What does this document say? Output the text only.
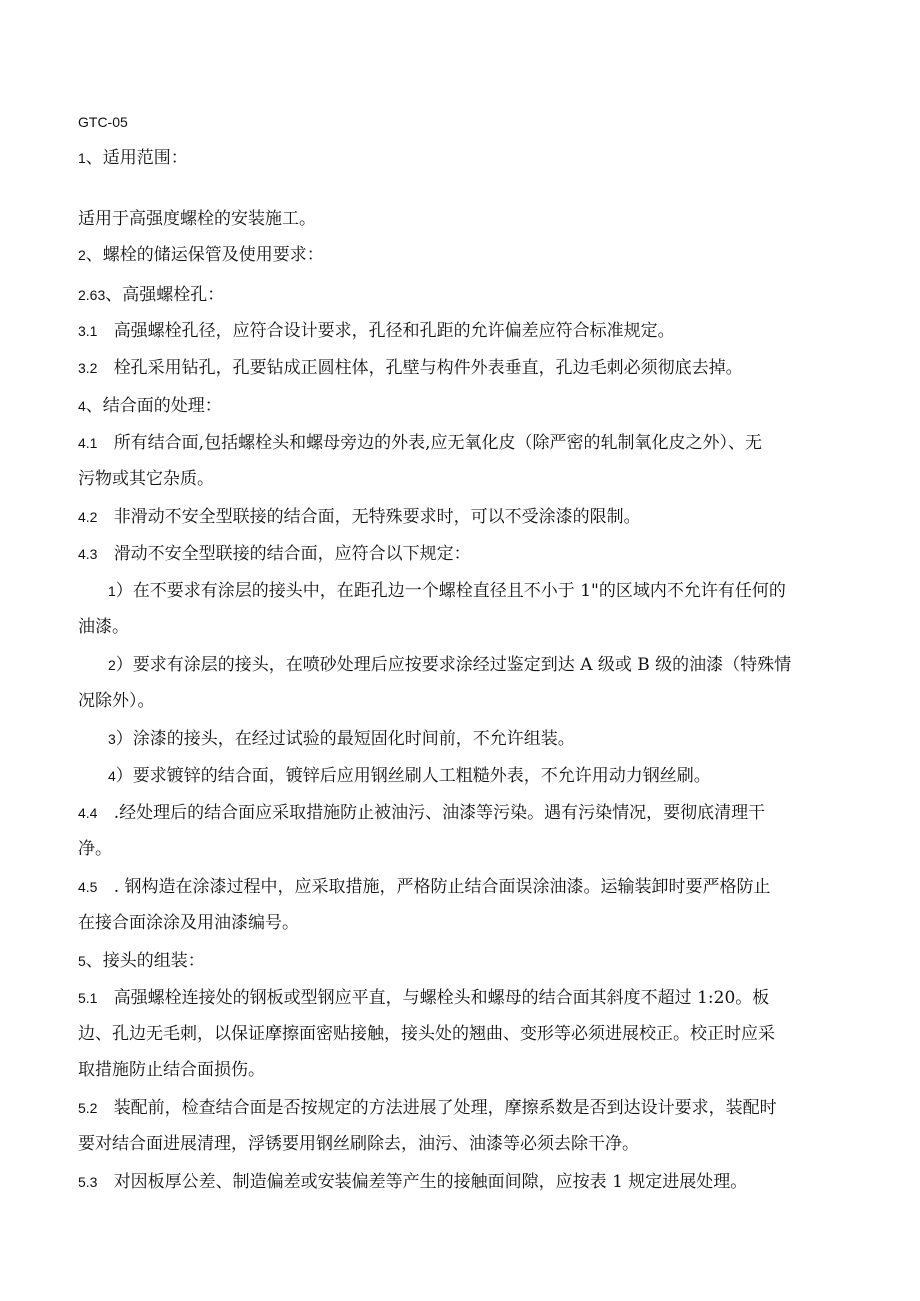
GTC-05
1、适用范围：
适用于高强度螺栓的安装施工。
2、螺栓的储运保管及使用要求：
2.63、高强螺栓孔：
3.1 高强螺栓孔径，应符合设计要求，孔径和孔距的允许偏差应符合标准规定。
3.2 栓孔采用钻孔，孔要钻成正圆柱体，孔壁与构件外表垂直，孔边毛刺必须彻底去掉。
4、结合面的处理：
4.1 所有结合面,包括螺栓头和螺母旁边的外表,应无氧化皮（除严密的轧制氧化皮之外）、无
污物或其它杂质。
4.2 非滑动不安全型联接的结合面，无特殊要求时，可以不受涂漆的限制。
4.3 滑动不安全型联接的结合面，应符合以下规定：
1）在不要求有涂层的接头中，在距孔边一个螺栓直径且不小于 1"的区域内不允许有任何的
油漆。
2）要求有涂层的接头，在喷砂处理后应按要求涂经过鉴定到达 A 级或 B 级的油漆（特殊情
况除外）。
3）涂漆的接头，在经过试验的最短固化时间前，不允许组装。
4）要求镀锌的结合面，镀锌后应用钢丝刷人工粗糙外表，不允许用动力钢丝刷。
4.4 .经处理后的结合面应采取措施防止被油污、油漆等污染。遇有污染情况，要彻底清理干
净。
4.5 . 钢构造在涂漆过程中，应采取措施，严格防止结合面误涂油漆。运输装卸时要严格防止
在接合面涂涂及用油漆编号。
5、接头的组装：
5.1 高强螺栓连接处的钢板或型钢应平直，与螺栓头和螺母的结合面其斜度不超过 1:20。板
边、孔边无毛刺，以保证摩擦面密贴接触，接头处的翘曲、变形等必须进展校正。校正时应采
取措施防止结合面损伤。
5.2 装配前，检查结合面是否按规定的方法进展了处理，摩擦系数是否到达设计要求，装配时
要对结合面进展清理，浮锈要用钢丝刷除去，油污、油漆等必须去除干净。
5.3 对因板厚公差、制造偏差或安装偏差等产生的接触面间隙，应按表 1 规定进展处理。
